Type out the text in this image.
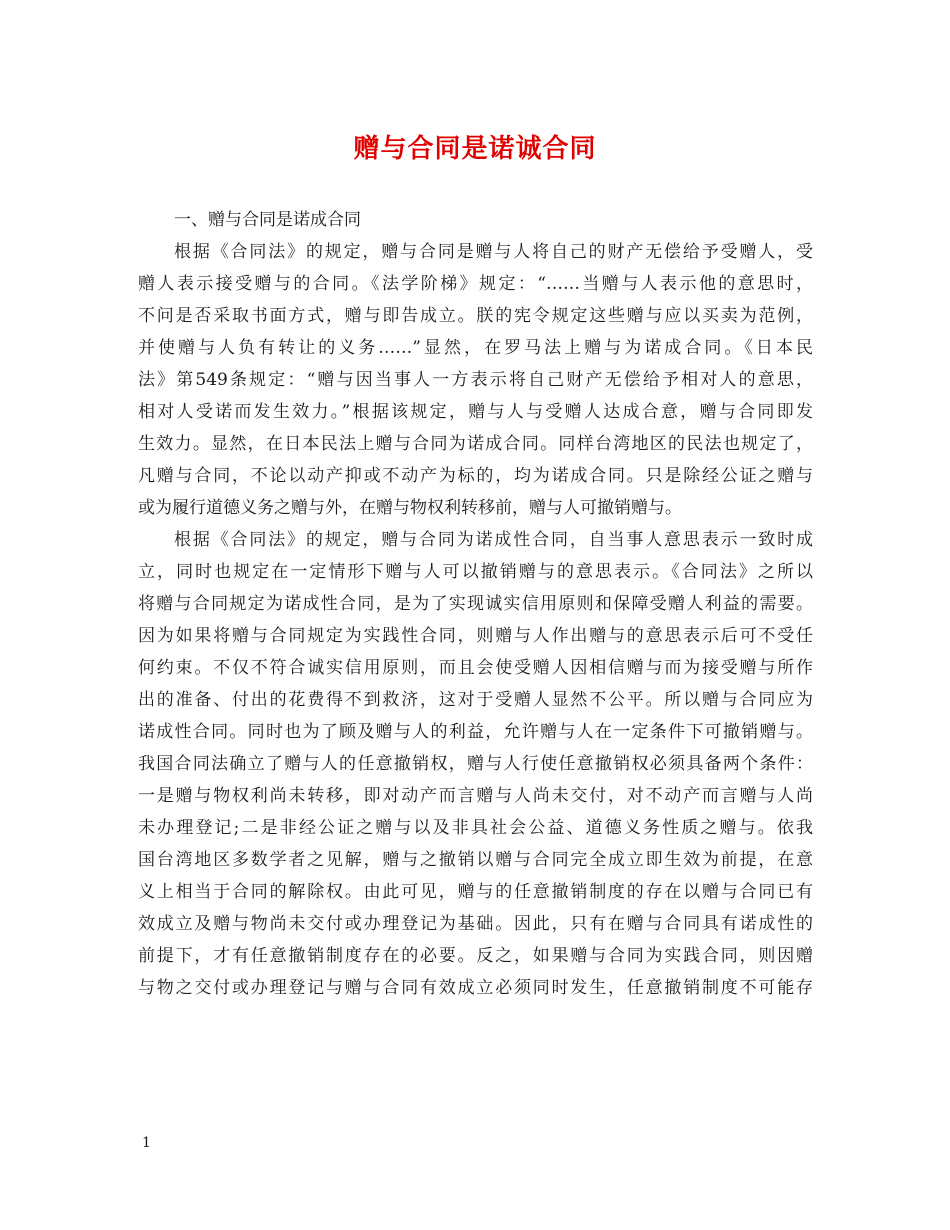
赠与合同是诺诚合同
一、赠与合同是诺成合同
根据《合同法》的规定，赠与合同是赠与人将自己的财产无偿给予受赠人，受
赠人表示接受赠与的合同。《法学阶梯》规定：“……当赠与人表示他的意思时，
不问是否采取书面方式，赠与即告成立。朕的宪令规定这些赠与应以买卖为范例，
并使赠与人负有转让的义务……”显然，在罗马法上赠与为诺成合同。《日本民
法》第549条规定：“赠与因当事人一方表示将自己财产无偿给予相对人的意思，
相对人受诺而发生效力。”根据该规定，赠与人与受赠人达成合意，赠与合同即发
生效力。显然，在日本民法上赠与合同为诺成合同。同样台湾地区的民法也规定了，
凡赠与合同，不论以动产抑或不动产为标的，均为诺成合同。只是除经公证之赠与
或为履行道德义务之赠与外，在赠与物权利转移前，赠与人可撤销赠与。
根据《合同法》的规定，赠与合同为诺成性合同，自当事人意思表示一致时成
立，同时也规定在一定情形下赠与人可以撤销赠与的意思表示。《合同法》之所以
将赠与合同规定为诺成性合同，是为了实现诚实信用原则和保障受赠人利益的需要。
因为如果将赠与合同规定为实践性合同，则赠与人作出赠与的意思表示后可不受任
何约束。不仅不符合诚实信用原则，而且会使受赠人因相信赠与而为接受赠与所作
出的准备、付出的花费得不到救济，这对于受赠人显然不公平。所以赠与合同应为
诺成性合同。同时也为了顾及赠与人的利益，允许赠与人在一定条件下可撤销赠与。
我国合同法确立了赠与人的任意撤销权，赠与人行使任意撤销权必须具备两个条件：
一是赠与物权利尚未转移，即对动产而言赠与人尚未交付，对不动产而言赠与人尚
未办理登记;二是非经公证之赠与以及非具社会公益、道德义务性质之赠与。依我
国台湾地区多数学者之见解，赠与之撤销以赠与合同完全成立即生效为前提，在意
义上相当于合同的解除权。由此可见，赠与的任意撤销制度的存在以赠与合同已有
效成立及赠与物尚未交付或办理登记为基础。因此，只有在赠与合同具有诺成性的
前提下，才有任意撤销制度存在的必要。反之，如果赠与合同为实践合同，则因赠
与物之交付或办理登记与赠与合同有效成立必须同时发生，任意撤销制度不可能存
1
